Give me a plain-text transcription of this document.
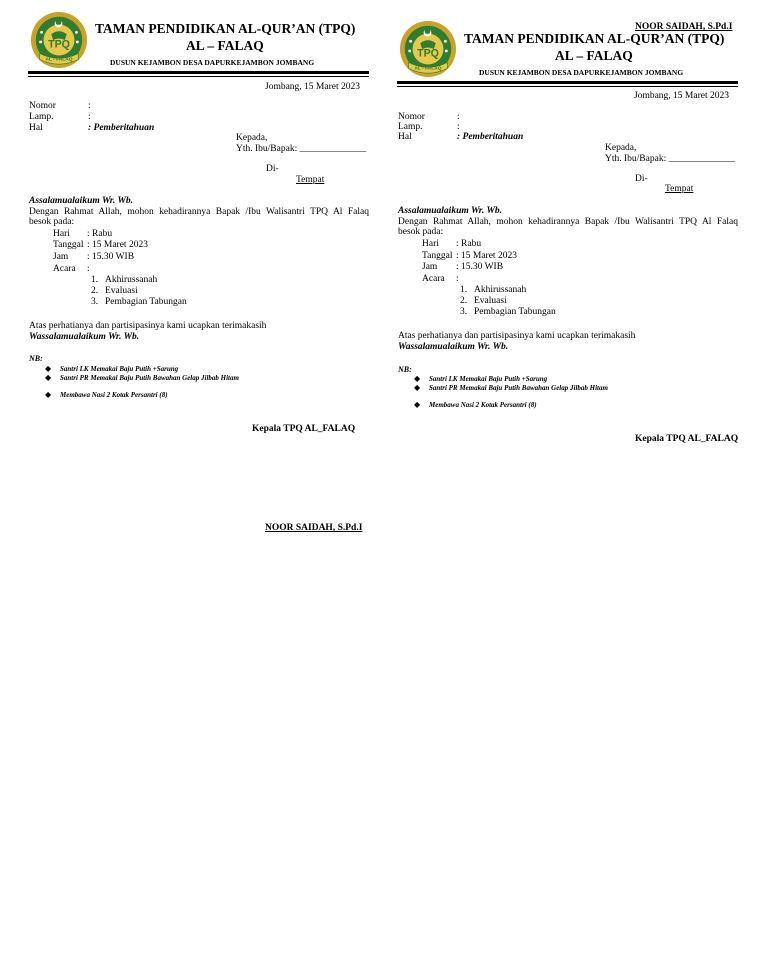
TPQ
AL - FALAQ
TAMAN PENDIDIKAN AL-QUR’AN (TPQ)
AL – FALAQ
DUSUN KEJAMBON DESA DAPURKEJAMBON JOMBANG
Jombang, 15 Maret 2023
Nomor	:
Lamp.	:
Hal	: Pemberitahuan
Kepada,
Yth. Ibu/Bapak: ______________
Di-
Tempat
Assalamualaikum Wr. Wb.
Dengan Rahmat Allah, mohon kehadirannya Bapak /Ibu Walisantri TPQ Al Falaq
besok pada:
Hari : Rabu
Tanggal : 15 Maret 2023
Jam : 15.30 WIB
Acara :
1. Akhirussanah
2. Evaluasi
3. Pembagian Tabungan
Atas perhatianya dan partisipasinya kami ucapkan terimakasih
Wassalamualaikum Wr. Wb.
NB:
◆ Santri LK Memakai Baju Putih +Sarung
◆ Santri PR Memakai Baju Putih Bawahan Gelap Jilbab Hitam
◆ Membawa Nasi 2 Kotak Persantri (8)
Kepala TPQ AL_FALAQ
NOOR SAIDAH, S.Pd.I
NOOR SAIDAH, S.Pd.I
TPQ
AL - FALAQ
TAMAN PENDIDIKAN AL-QUR’AN (TPQ)
AL – FALAQ
DUSUN KEJAMBON DESA DAPURKEJAMBON JOMBANG
Jombang, 15 Maret 2023
Nomor	:
Lamp.	:
Hal	: Pemberitahuan
Kepada,
Yth. Ibu/Bapak: ______________
Di-
Tempat
Assalamualaikum Wr. Wb.
Dengan Rahmat Allah, mohon kehadirannya Bapak /Ibu Walisantri TPQ Al Falaq
besok pada:
Hari : Rabu
Tanggal : 15 Maret 2023
Jam : 15.30 WIB
Acara :
1. Akhirussanah
2. Evaluasi
3. Pembagian Tabungan
Atas perhatianya dan partisipasinya kami ucapkan terimakasih
Wassalamualaikum Wr. Wb.
NB:
◆ Santri LK Memakai Baju Putih +Sarung
◆ Santri PR Memakai Baju Putih Bawahan Gelap Jilbab Hitam
◆ Membawa Nasi 2 Kotak Persantri (8)
Kepala TPQ AL_FALAQ
